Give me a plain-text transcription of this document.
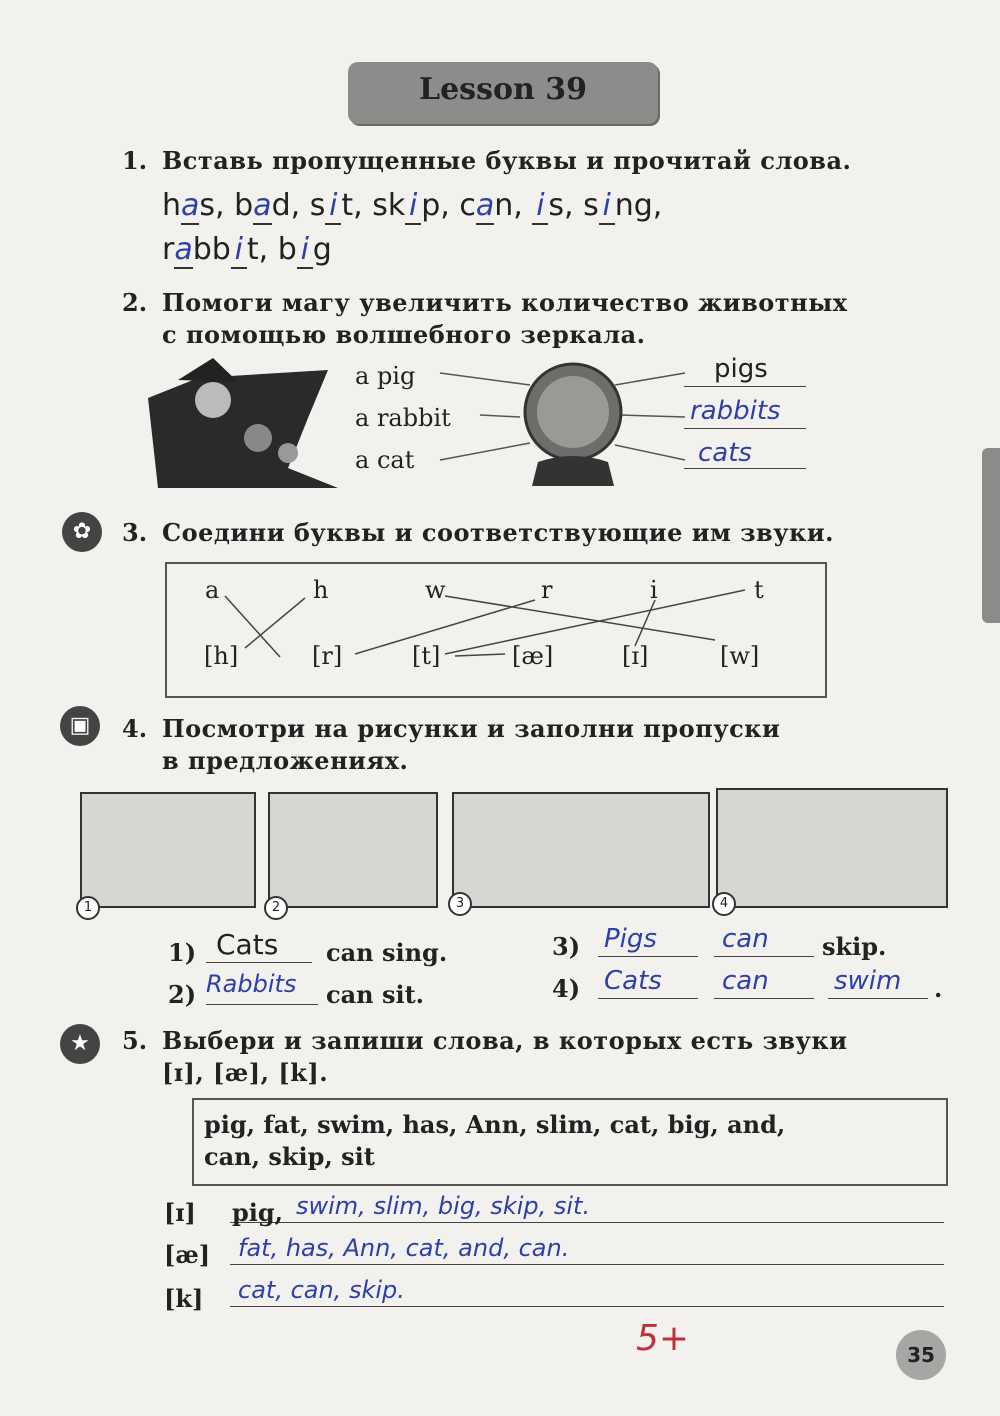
Lesson 39
1. Вставь пропущенные буквы и прочитай слова.
has, bad, s i t, sk i p, can, i s, s i ng,
rabb i t, b i g
2. Помоги магу увеличить количество животных
с помощью волшебного зеркала.
a pig
a rabbit
a cat
pigs
rabbits
cats
✿	3. Соедини буквы и соответствующие им звуки.
a	h	w	r	i	t
[h]	[r]	[t]	[æ]	[ɪ]	[w]
▣	4. Посмотри на рисунки и заполни пропуски
в предложениях.
1	2	3	4
1) Cats can sing.
2) Rabbits can sit.
3) Pigs	can skip.
4) Cats can	swim .
★	5. Выбери и запиши слова, в которых есть звуки
[ɪ], [æ], [k].
pig, fat, swim, has, Ann, slim, cat, big, and,
can, skip, sit
[ɪ] pig, swim, slim, big, skip, sit.
[æ] fat, has, Ann, cat, and, can.
[k] cat, can, skip.
5+	35
